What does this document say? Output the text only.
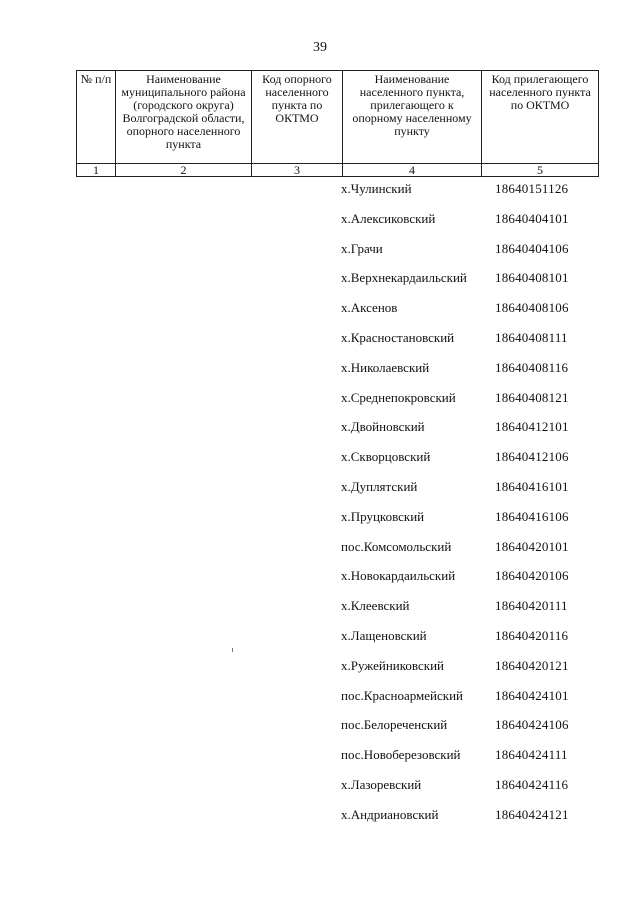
39
№ п/п	Наименование муниципального района (городского округа) Волгоградской области, опорного населенного пункта	Код опорного населенного пункта по ОКТМО	Наименование населенного пункта, прилегающего к опорному населенному пункту	Код прилегающего населенного пункта по ОКТМО
1	2	3	4	5
х.Чулинский	18640151126
х.Алексиковский	18640404101
х.Грачи	18640404106
х.Верхнекардаильский 18640408101
х.Аксенов	18640408106
х.Красностановский	18640408111
х.Николаевский	18640408116
х.Среднепокровский	18640408121
х.Двойновский	18640412101
х.Скворцовский	18640412106
х.Дуплятский	18640416101
х.Пруцковский	18640416106
пос.Комсомольский	18640420101
х.Новокардаильский	18640420106
х.Клеевский	18640420111
х.Лащеновский	18640420116
х.Ружейниковский	18640420121
пос.Красноармейский 18640424101
пос.Белореченский	18640424106
пос.Новоберезовский	18640424111
х.Лазоревский	18640424116
х.Андриановский	18640424121
